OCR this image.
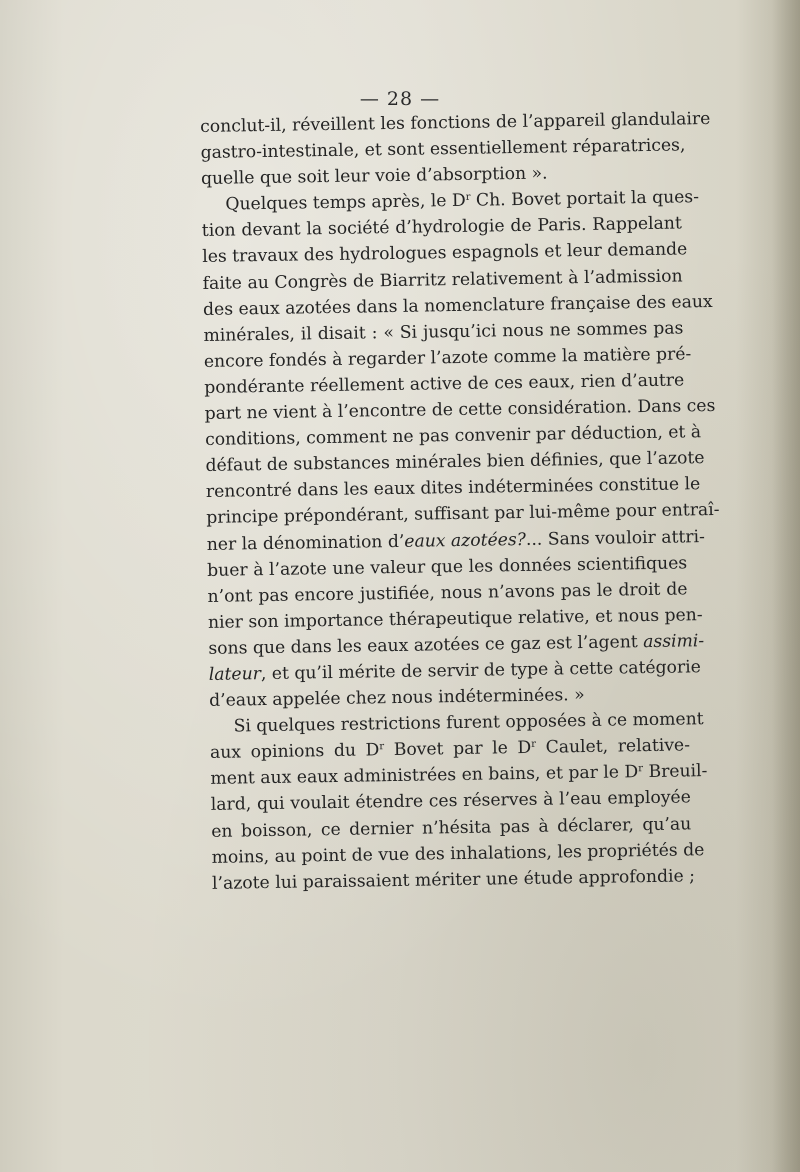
— 28 —
conclut-il, réveillent les fonctions de l’appareil glandulaire
gastro-intestinale, et sont essentiellement réparatrices,
quelle que soit leur voie d’absorption ».
Quelques temps après, le $D^r$ Ch. Bovet portait la ques-
tion devant la société d’hydrologie de Paris. Rappelant
les travaux des hydrologues espagnols et leur demande
faite au Congrès de Biarritz relativement à l’admission
des eaux azotées dans la nomenclature française des eaux
minérales, il disait : « Si jusqu’ici nous ne sommes pas
encore fondés à regarder l’azote comme la matière pré-
pondérante réellement active de ces eaux, rien d’autre
part ne vient à l’encontre de cette considération. Dans ces
conditions, comment ne pas convenir par déduction, et à
défaut de substances minérales bien définies, que l’azote
rencontré dans les eaux dites indéterminées constitue le
principe prépondérant, suffisant par lui-même pour entraî-
ner la dénomination d’eaux azotées?... Sans vouloir attri-
buer à l’azote une valeur que les données scientifiques
n’ont pas encore justifiée, nous n’avons pas le droit de
nier son importance thérapeutique relative, et nous pen-
sons que dans les eaux azotées ce gaz est l’agent assimi-
lateur, et qu’il mérite de servir de type à cette catégorie
d’eaux appelée chez nous indéterminées. »
Si quelques restrictions furent opposées à ce moment
aux opinions du $D^r$ Bovet par le $D^r$ Caulet, relative-
ment aux eaux administrées en bains, et par le $D^r$ Breuil-
lard, qui voulait étendre ces réserves à l’eau employée
en boisson, ce dernier n’hésita pas à déclarer, qu’au
moins, au point de vue des inhalations, les propriétés de
l’azote lui paraissaient mériter une étude approfondie ;
